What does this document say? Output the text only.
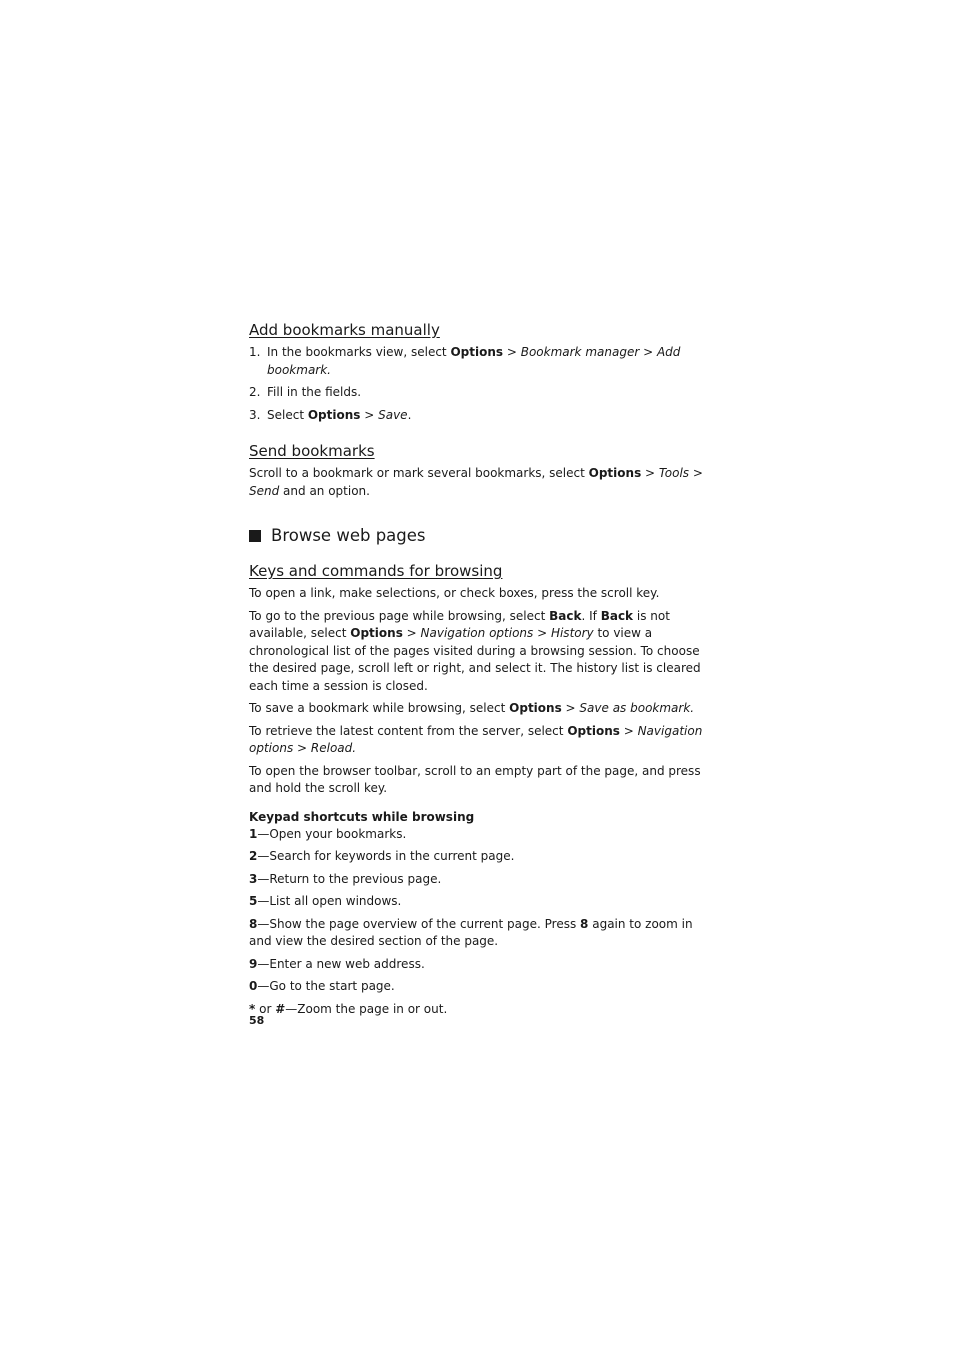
Add bookmarks manually
1. In the bookmarks view, select Options > Bookmark manager > Add bookmark.
2. Fill in the fields.
3. Select Options > Save.
Send bookmarks

Scroll to a bookmark or mark several bookmarks, select Options > Tools > Send and an option.

Browse web pages
Keys and commands for browsing

To open a link, make selections, or check boxes, press the scroll key.

To go to the previous page while browsing, select Back. If Back is not available, select Options > Navigation options > History to view a chronological list of the pages visited during a browsing session. To choose the desired page, scroll left or right, and select it. The history list is cleared each time a session is closed.

To save a bookmark while browsing, select Options > Save as bookmark.

To retrieve the latest content from the server, select Options > Navigation options > Reload.

To open the browser toolbar, scroll to an empty part of the page, and press and hold the scroll key.

Keypad shortcuts while browsing

1—Open your bookmarks.

2—Search for keywords in the current page.

3—Return to the previous page.

5—List all open windows.

8—Show the page overview of the current page. Press 8 again to zoom in and view the desired section of the page.

9—Enter a new web address.

0—Go to the start page.

* or #—Zoom the page in or out.

58
